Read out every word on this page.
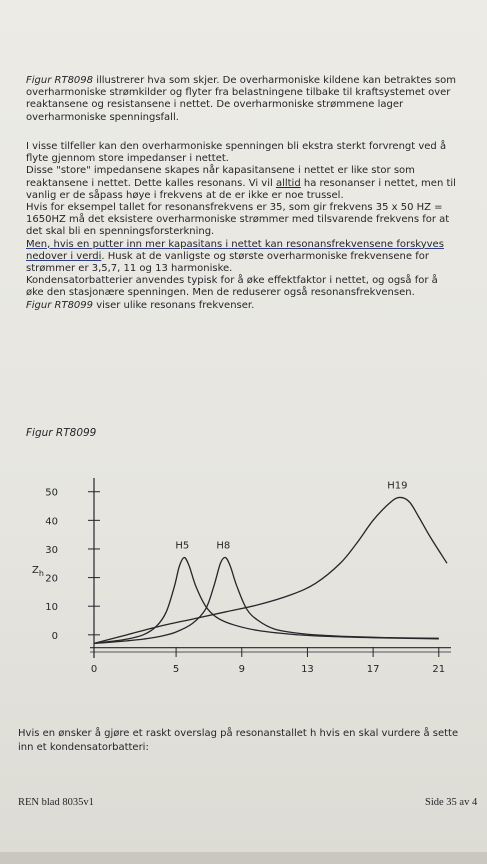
Figur RT8098 illustrerer hva som skjer. De overharmoniske kildene kan betraktes som
overharmoniske strømkilder og flyter fra belastningene tilbake til kraftsystemet over
reaktansene og resistansene i nettet. De overharmoniske strømmene lager
overharmoniske spenningsfall.
I visse tilfeller kan den overharmoniske spenningen bli ekstra sterkt forvrengt ved å
flyte gjennom store impedanser i nettet.
Disse "store" impedansene skapes når kapasitansene i nettet er like stor som
reaktansene i nettet. Dette kalles resonans. Vi vil alltid ha resonanser i nettet, men til
vanlig er de såpass høye i frekvens at de er ikke er noe trussel.
Hvis for eksempel tallet for resonansfrekvens er 35, som gir frekvens 35 x 50 HZ =
1650HZ må det eksistere overharmoniske strømmer med tilsvarende frekvens for at
det skal bli en spenningsforsterkning.
Men, hvis en putter inn mer kapasitans i nettet kan resonansfrekvensene forskyves
nedover i verdi. Husk at de vanligste og største overharmoniske frekvensene for
strømmer er 3,5,7, 11 og 13 harmoniske.
Kondensatorbatterier anvendes typisk for å øke effektfaktor i nettet, og også for å
øke den stasjonære spenningen. Men de reduserer også resonansfrekvensen.
Figur RT8099 viser ulike resonans frekvenser.
Figur RT8099
0
10
20
30
40
50
0	5	9	13	17	21
$Z_h$
H5	H8
H19
Hvis en ønsker å gjøre et raskt overslag på resonanstallet h hvis en skal vurdere å sette
inn et kondensatorbatteri:
REN blad 8035v1	Side 35 av 4
